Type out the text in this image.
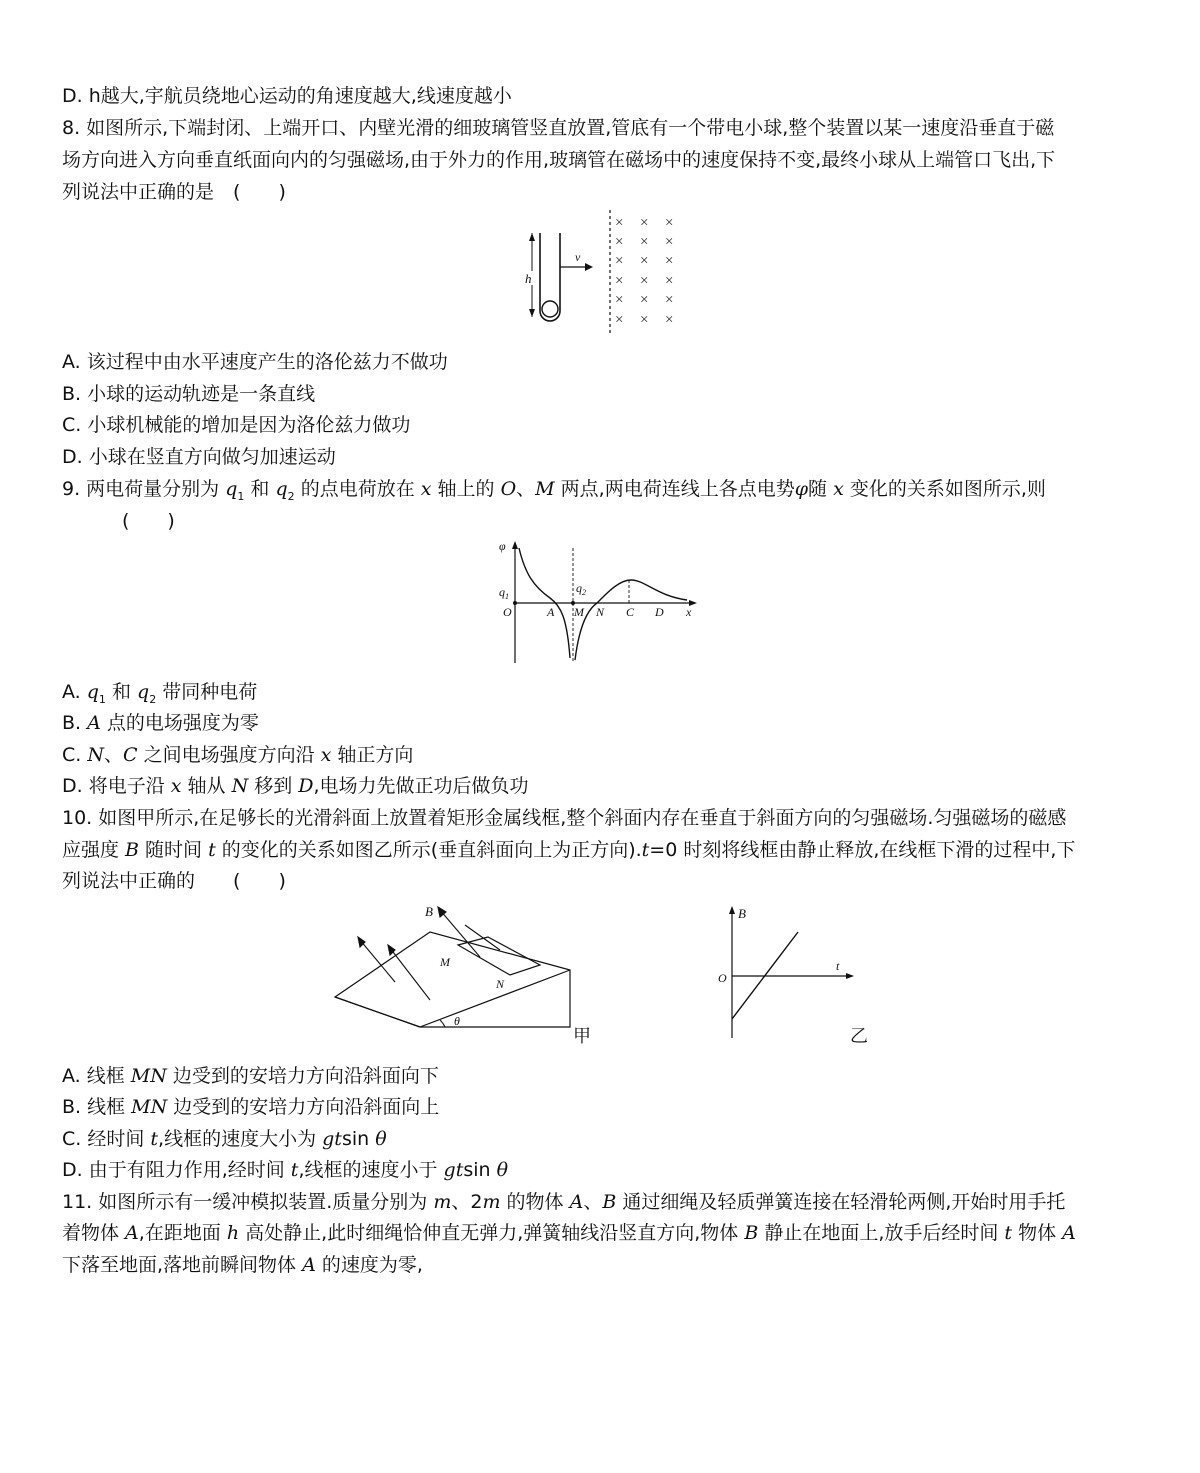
D. h越大,宇航员绕地心运动的角速度越大,线速度越小
8. 如图所示,下端封闭、上端开口、内壁光滑的细玻璃管竖直放置,管底有一个带电小球,整个装置以某一速度沿垂直于磁
场方向进入方向垂直纸面向内的匀强磁场,由于外力的作用,玻璃管在磁场中的速度保持不变,最终小球从上端管口飞出,下
列说法中正确的是　 (　　)
h
v
× × ×
× × ×
× × ×
× × ×
× × ×
× × ×
A. 该过程中由水平速度产生的洛伦兹力不做功
B. 小球的运动轨迹是一条直线
C. 小球机械能的增加是因为洛伦兹力做功
D. 小球在竖直方向做匀加速运动
9. 两电荷量分别为 $q_1$ 和 $q_2$ 的点电荷放在 x 轴上的 O、M 两点,两电荷连线上各点电势φ随 x 变化的关系如图所示,则
(　　)
φ
x
$q_1$
$q_2$
O	A M N C D
A. $q_1$ 和 $q_2$ 带同种电荷
B. A 点的电场强度为零
C. N、C 之间电场强度方向沿 x 轴正方向
D. 将电子沿 x 轴从 N 移到 D,电场力先做正功后做负功
10. 如图甲所示,在足够长的光滑斜面上放置着矩形金属线框,整个斜面内存在垂直于斜面方向的匀强磁场.匀强磁场的磁感
应强度 B 随时间 t 的变化的关系如图乙所示(垂直斜面向上为正方向).t=0 时刻将线框由静止释放,在线框下滑的过程中,下
列说法中正确的　　 (　　)
θ
B
M
N
甲
B
O
t
乙
A. 线框 MN 边受到的安培力方向沿斜面向下
B. 线框 MN 边受到的安培力方向沿斜面向上
C. 经时间 t,线框的速度大小为 gtsin θ
D. 由于有阻力作用,经时间 t,线框的速度小于 gtsin θ
11. 如图所示有一缓冲模拟装置.质量分别为 m、2m 的物体 A、B 通过细绳及轻质弹簧连接在轻滑轮两侧,开始时用手托
着物体 A,在距地面 h 高处静止,此时细绳恰伸直无弹力,弹簧轴线沿竖直方向,物体 B 静止在地面上,放手后经时间 t 物体 A
下落至地面,落地前瞬间物体 A 的速度为零,
